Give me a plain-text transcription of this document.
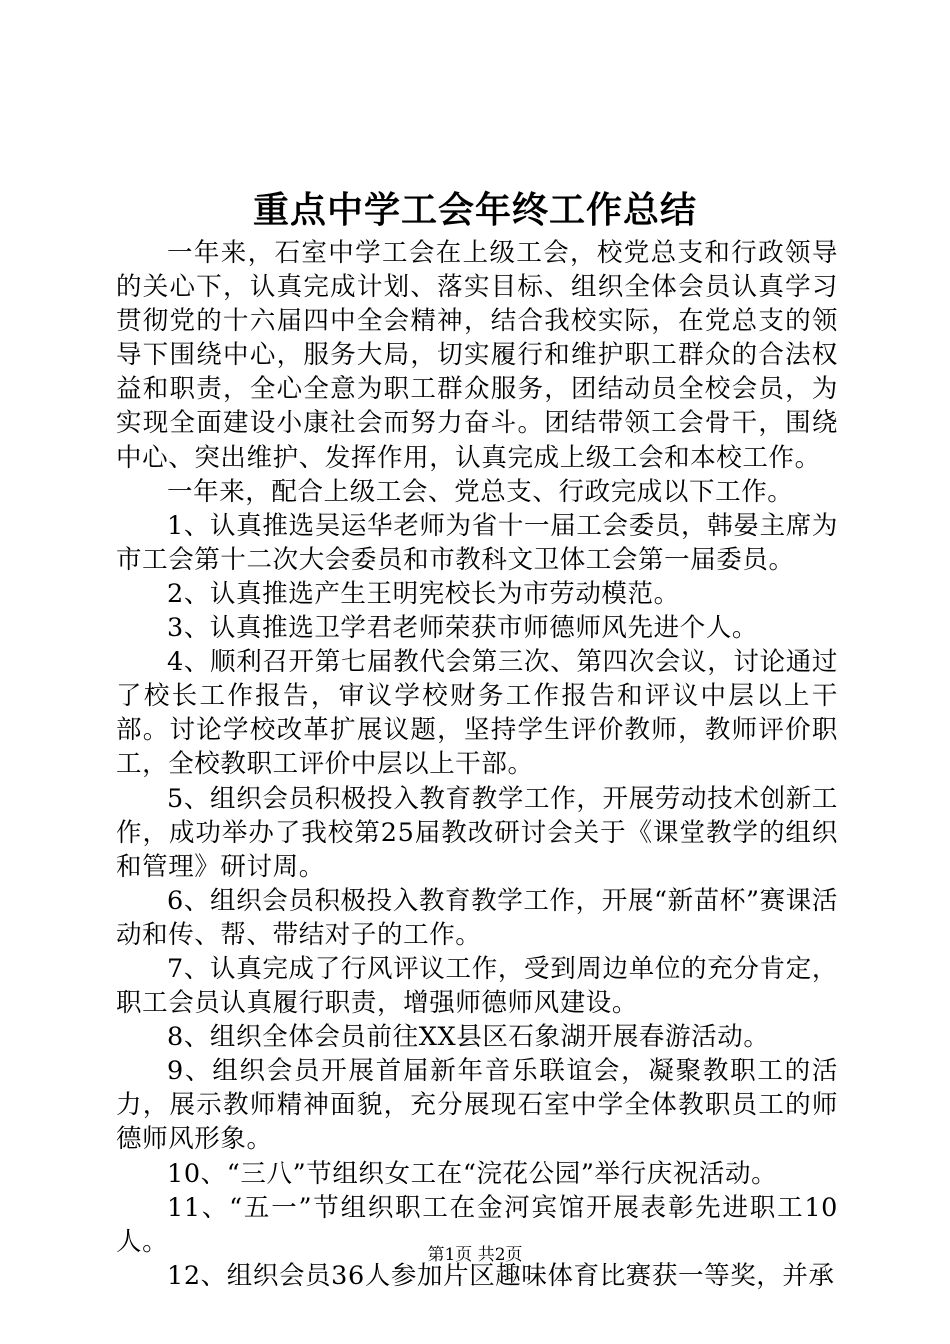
重点中学工会年终工作总结

一年来，石室中学工会在上级工会，校党总支和行政领导的关心下，认真完成计划、落实目标、组织全体会员认真学习贯彻党的十六届四中全会精神，结合我校实际，在党总支的领导下围绕中心，服务大局，切实履行和维护职工群众的合法权益和职责，全心全意为职工群众服务，团结动员全校会员，为实现全面建设小康社会而努力奋斗。团结带领工会骨干，围绕中心、突出维护、发挥作用，认真完成上级工会和本校工作。

一年来，配合上级工会、党总支、行政完成以下工作。

1、认真推选吴运华老师为省十一届工会委员，韩晏主席为市工会第十二次大会委员和市教科文卫体工会第一届委员。

2、认真推选产生王明宪校长为市劳动模范。

3、认真推选卫学君老师荣获市师德师风先进个人。

4、顺利召开第七届教代会第三次、第四次会议，讨论通过了校长工作报告，审议学校财务工作报告和评议中层以上干部。讨论学校改革扩展议题，坚持学生评价教师，教师评价职工，全校教职工评价中层以上干部。

5、组织会员积极投入教育教学工作，开展劳动技术创新工作，成功举办了我校第25届教改研讨会关于《课堂教学的组织和管理》研讨周。

6、组织会员积极投入教育教学工作，开展“新苗杯”赛课活动和传、帮、带结对子的工作。

7、认真完成了行风评议工作，受到周边单位的充分肯定，职工会员认真履行职责，增强师德师风建设。

8、组织全体会员前往XX县区石象湖开展春游活动。

9、组织会员开展首届新年音乐联谊会，凝聚教职工的活力，展示教师精神面貌，充分展现石室中学全体教职员工的师德师风形象。

10、“三八”节组织女工在“浣花公园”举行庆祝活动。

11、“五一”节组织职工在金河宾馆开展表彰先进职工10人。

12、组织会员36人参加片区趣味体育比赛获一等奖，并承

第1页 共2页
